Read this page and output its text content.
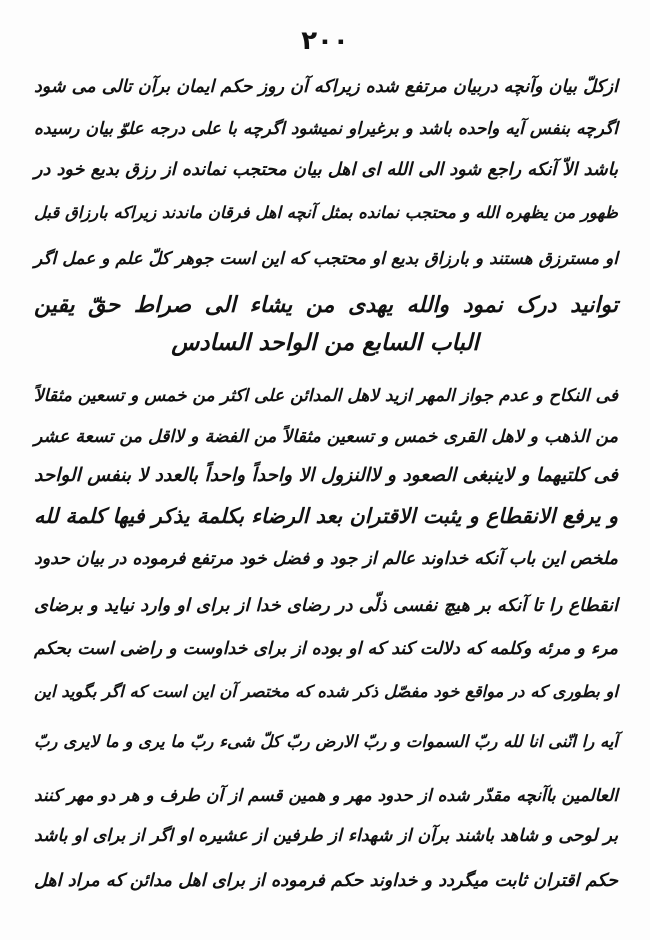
۲۰۰
ازکلّ بیان وآنچه دربیان مرتفع شده زیراکه آن روز حکم ایمان برآن تالی می شود
اگرچه بنفس آیه واحده باشد و برغیراو نمیشود اگرچه با علی درجه علوّ بیان رسیده
باشد الاّ آنکه راجع شود الی الله ای اهل بیان محتجب نمانده از رزق بدیع خود در
ظهور من یظهره الله و محتجب نمانده بمثل آنچه اهل فرقان ماندند زیراکه بارزاق قبل
او مسترزق هستند و بارزاق بدیع او محتجب که این است جوهر کلّ علم و عمل اگر
توانید درک نمود والله یهدی من یشاء الی صراط حقّ یقین
الباب السابع من الواحد السادس
فی النکاح و عدم جواز المهر ازید لاهل المدائن علی اکثر من خمس و تسعین مثقالاً
من الذهب و لاهل القری خمس و تسعین مثقالاً من الفضة و لااقل من تسعة عشر
فی کلتیهما و لاینبغی الصعود و لاالنزول الا واحداً واحداً بالعدد لا بنفس الواحد
و یرفع الانقطاع و یثبت الاقتران بعد الرضاء بکلمة یذکر فیها کلمة لله
ملخص این باب آنکه خداوند عالم از جود و فضل خود مرتفع فرموده در بیان حدود
انقطاع را تا آنکه بر هیچ نفسی ذلّی در رضای خدا از برای او وارد نیاید و برضای
مرء و مرئه وکلمه که دلالت کند که او بوده از برای خداوست و راضی است بحکم
او بطوری که در مواقع خود مفصّل ذکر شده که مختصر آن این است که اگر بگوید این
آیه را انّنی انا لله ربّ السموات و ربّ الارض ربّ کلّ شیء ربّ ما یری و ما لایری ربّ
العالمین باآنچه مقدّر شده از حدود مهر و همین قسم از آن طرف و هر دو مهر کنند
بر لوحی و شاهد باشند برآن از شهداء از طرفین از عشیره او اگر از برای او باشد
حکم اقتران ثابت میگردد و خداوند حکم فرموده از برای اهل مدائن که مراد اهل
